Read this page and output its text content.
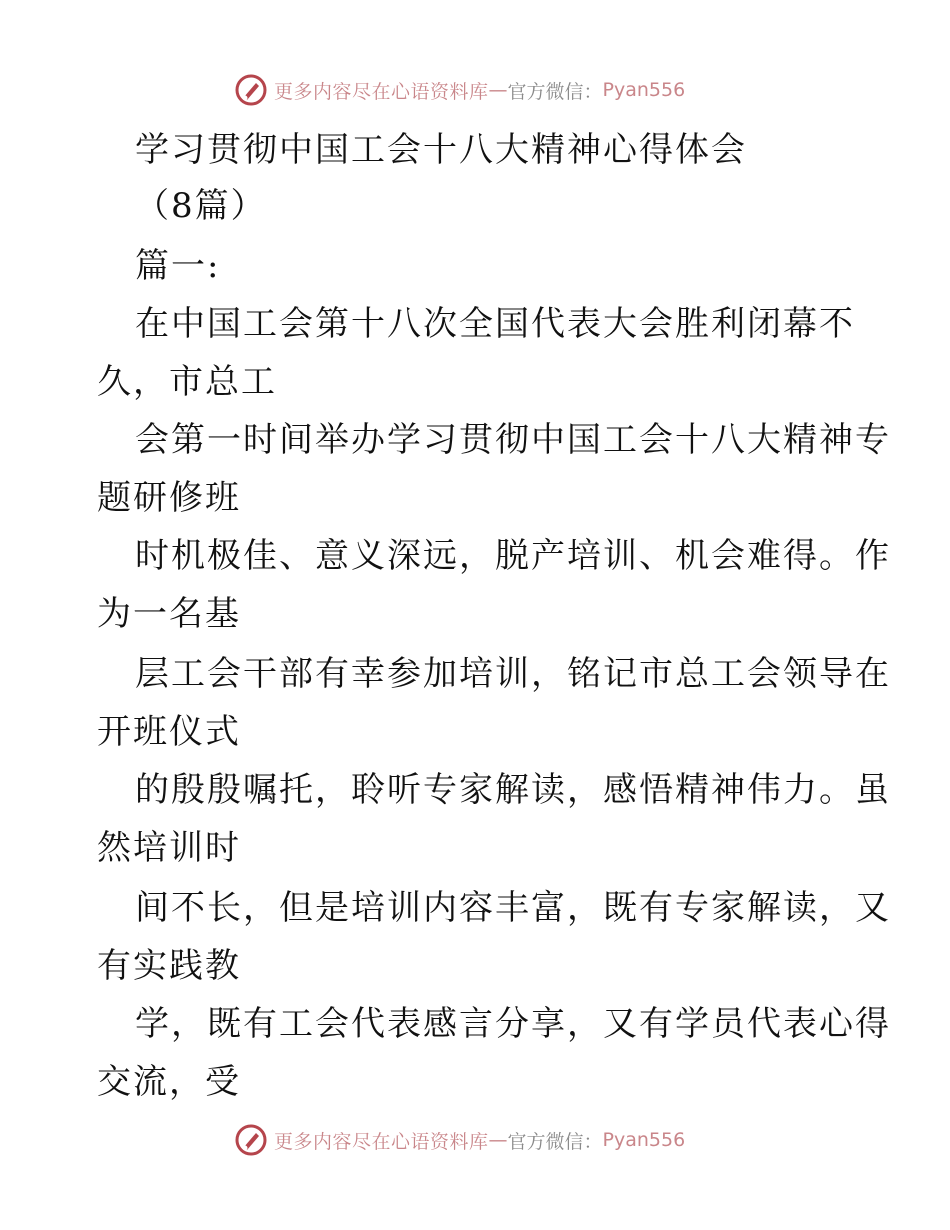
更多内容尽在心语资料库 — 官方微信： Pyan556
学习贯彻中国工会十八大精神心得体会
（8篇）
篇一:
在中国工会第十八次全国代表大会胜利闭幕不
久，市总工
会第一时间举办学习贯彻中国工会十八大精神专
题研修班
时机极佳、意义深远，脱产培训、机会难得。作
为一名基
层工会干部有幸参加培训，铭记市总工会领导在
开班仪式
的殷殷嘱托，聆听专家解读，感悟精神伟力。虽
然培训时
间不长，但是培训内容丰富，既有专家解读，又
有实践教
学，既有工会代表感言分享，又有学员代表心得
交流，受
更多内容尽在心语资料库 — 官方微信： Pyan556
